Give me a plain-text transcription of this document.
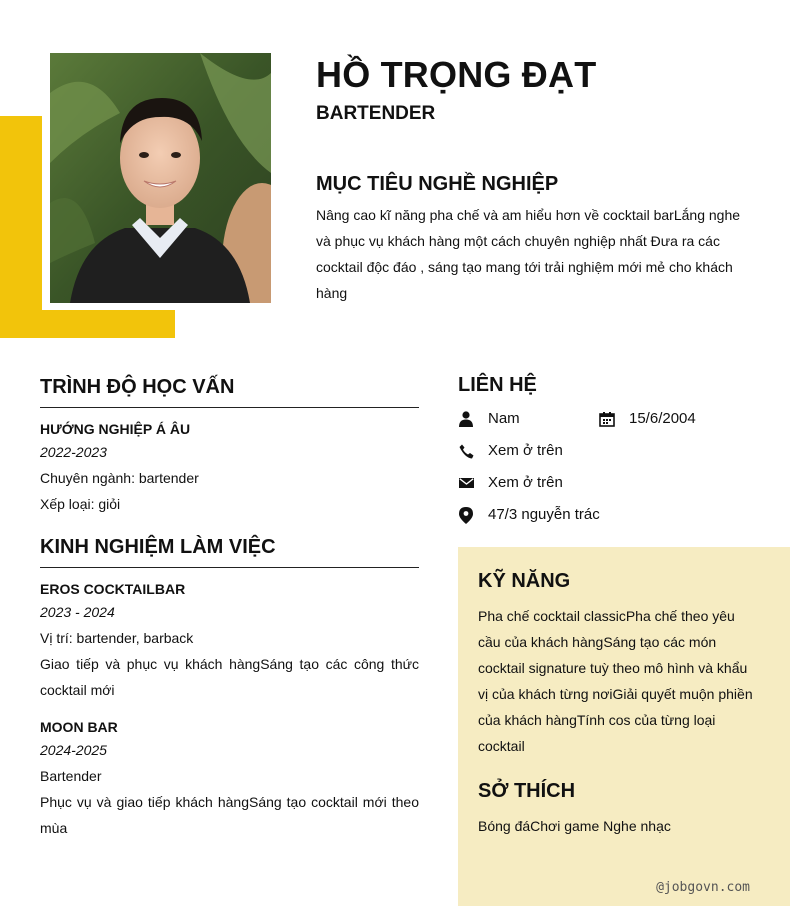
HỒ TRỌNG ĐẠT
BARTENDER
MỤC TIÊU NGHỀ NGHIỆP

Nâng cao kĩ năng pha chế và am hiểu hơn về cocktail barLắng nghe và phục vụ khách hàng một cách chuyên nghiệp nhất Đưa ra các cocktail độc đáo , sáng tạo mang tới trải nghiệm mới mẻ cho khách hàng

TRÌNH ĐỘ HỌC VẤN

HƯỚNG NGHIỆP Á ÂU

2022-2023

Chuyên ngành: bartender

Xếp loại: giỏi

KINH NGHIỆM LÀM VIỆC

EROS COCKTAILBAR

2023 - 2024

Vị trí: bartender, barback

Giao tiếp và phục vụ khách hàngSáng tạo các công thức cocktail mới

MOON BAR

2024-2025

Bartender

Phục vụ và giao tiếp khách hàngSáng tạo cocktail mới theo mùa

LIÊN HỆ
Nam	15/6/2004
Xem ở trên
Xem ở trên
47/3 nguyễn trác
KỸ NĂNG

Pha chế cocktail classicPha chế theo yêu cầu của khách hàngSáng tạo các món cocktail signature tuỳ theo mô hình và khẩu vị của khách từng nơiGiải quyết muộn phiền của khách hàngTính cos của từng loại cocktail

SỞ THÍCH

Bóng đáChơi game Nghe nhạc

@jobgovn.com
